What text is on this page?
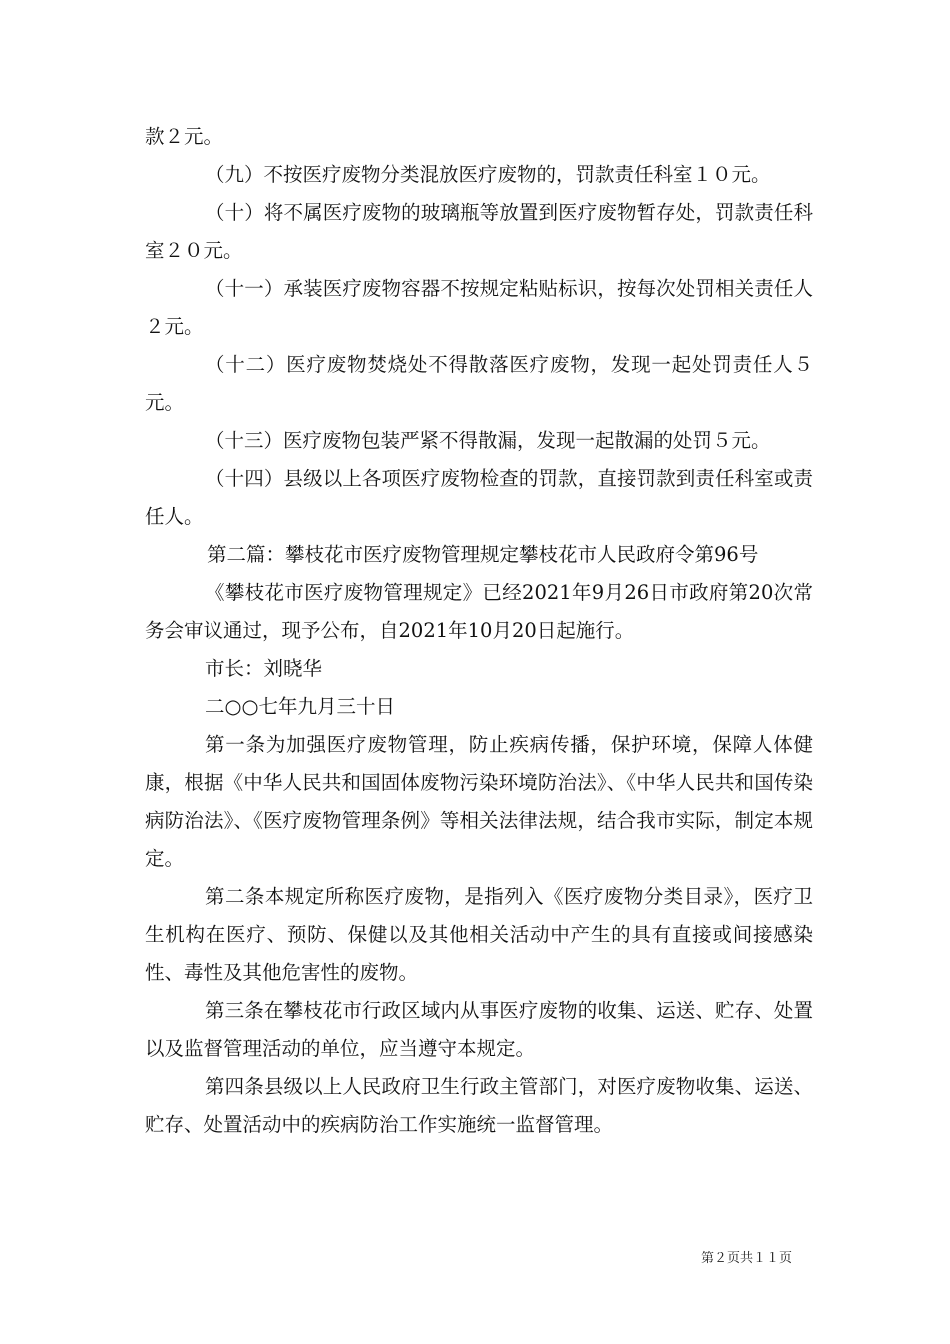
款２元。

（九）不按医疗废物分类混放医疗废物的，罚款责任科室１０元。

（十）将不属医疗废物的玻璃瓶等放置到医疗废物暂存处，罚款责任科室２０元。

（十一）承装医疗废物容器不按规定粘贴标识，按每次处罚相关责任人２元。

（十二）医疗废物焚烧处不得散落医疗废物，发现一起处罚责任人５元。

（十三）医疗废物包装严紧不得散漏，发现一起散漏的处罚５元。

（十四）县级以上各项医疗废物检查的罚款，直接罚款到责任科室或责任人。

第二篇：攀枝花市医疗废物管理规定攀枝花市人民政府令第96号

《攀枝花市医疗废物管理规定》已经2021年9月26日市政府第20次常务会审议通过，现予公布，自2021年10月20日起施行。

市长：刘晓华

二○○七年九月三十日

第一条为加强医疗废物管理，防止疾病传播，保护环境，保障人体健康，根据《中华人民共和国固体废物污染环境防治法》、《中华人民共和国传染病防治法》、《医疗废物管理条例》等相关法律法规，结合我市实际，制定本规定。

第二条本规定所称医疗废物，是指列入《医疗废物分类目录》，医疗卫生机构在医疗、预防、保健以及其他相关活动中产生的具有直接或间接感染性、毒性及其他危害性的废物。

第三条在攀枝花市行政区域内从事医疗废物的收集、运送、贮存、处置以及监督管理活动的单位，应当遵守本规定。

第四条县级以上人民政府卫生行政主管部门，对医疗废物收集、运送、贮存、处置活动中的疾病防治工作实施统一监督管理。

第２页共１１页
